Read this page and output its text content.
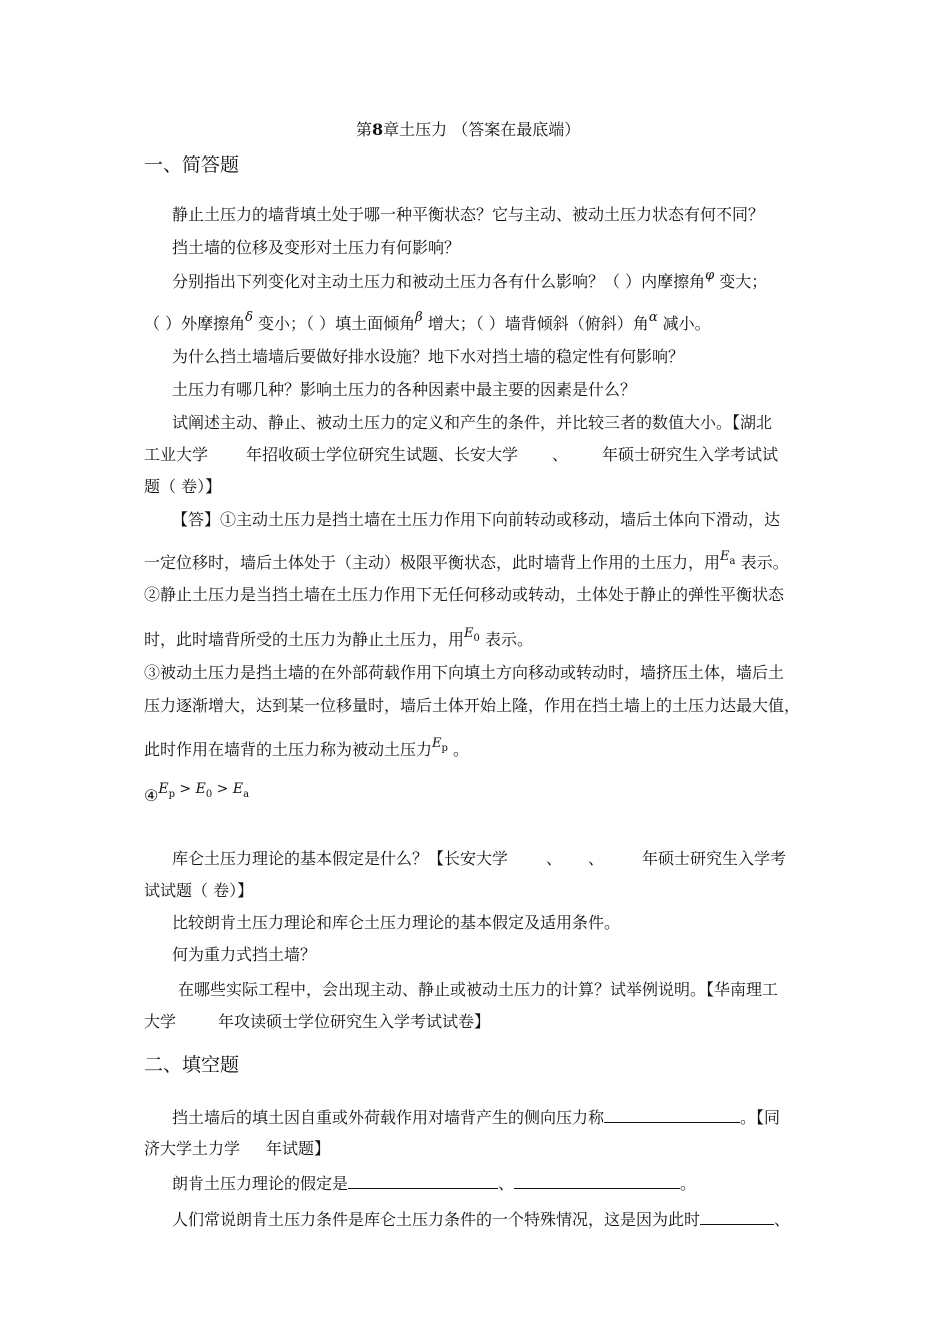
第8章土压力 （答案在最底端）
一、简答题
静止土压力的墙背填土处于哪一种平衡状态？它与主动、被动土压力状态有何不同？
挡土墙的位移及变形对土压力有何影响？
分别指出下列变化对主动土压力和被动土压力各有什么影响？（ ）内摩擦角$^\varphi$ 变大；
（ ）外摩擦角$^\delta$ 变小；（ ）填土面倾角$^\beta$ 增大；（ ）墙背倾斜（俯斜）角$^\alpha$ 减小。
为什么挡土墙墙后要做好排水设施？地下水对挡土墙的稳定性有何影响？
土压力有哪几种？影响土压力的各种因素中最主要的因素是什么？
试阐述主动、静止、被动土压力的定义和产生的条件，并比较三者的数值大小。【湖北
工业大学 年招收硕士学位研究生试题、长安大学 、 年硕士研究生入学考试试
题（ 卷）】
【答】①主动土压力是挡土墙在土压力作用下向前转动或移动，墙后土体向下滑动，达
一定位移时，墙后土体处于（主动）极限平衡状态，此时墙背上作用的土压力，用$^{E_a}$ 表示。
②静止土压力是当挡土墙在土压力作用下无任何移动或转动，土体处于静止的弹性平衡状态
时，此时墙背所受的土压力为静止土压力，用$^{E_0}$ 表示。
③被动土压力是挡土墙的在外部荷载作用下向填土方向移动或转动时，墙挤压土体，墙后土
压力逐渐增大，达到某一位移量时，墙后土体开始上隆，作用在挡土墙上的土压力达最大值，
此时作用在墙背的土压力称为被动土压力$^{E_p}$ 。
$④E_p > E_0 > E_a$
库仑土压力理论的基本假定是什么？【长安大学 、 、 年硕士研究生入学考
试试题（ 卷）】
比较朗肯土压力理论和库仑土压力理论的基本假定及适用条件。
何为重力式挡土墙？
在哪些实际工程中，会出现主动、静止或被动土压力的计算？试举例说明。【华南理工
大学	年攻读硕士学位研究生入学考试试卷】
二、填空题
挡土墙后的填土因自重或外荷载作用对墙背产生的侧向压力称	。【同
济大学土力学 年试题】
朗肯土压力理论的假定是	、	。
人们常说朗肯土压力条件是库仑土压力条件的一个特殊情况，这是因为此时	、
